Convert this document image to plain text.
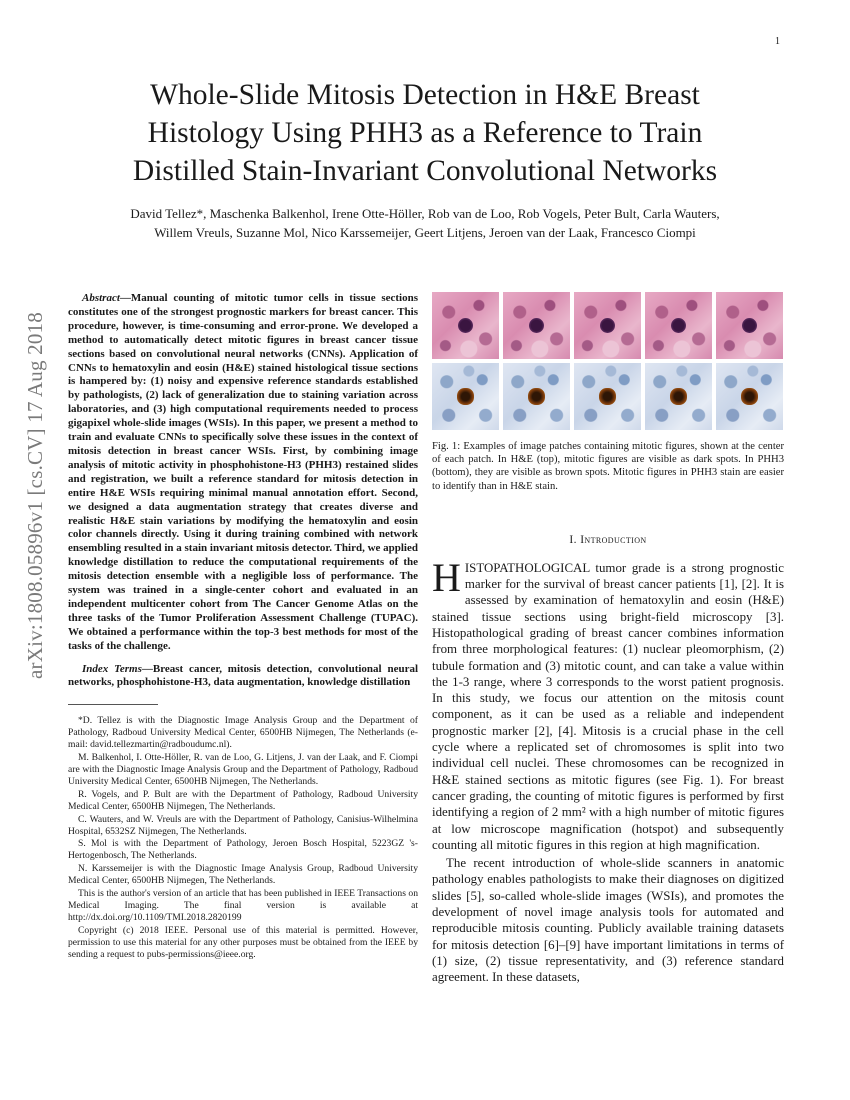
1
arXiv:1808.05896v1 [cs.CV] 17 Aug 2018
Whole-Slide Mitosis Detection in H&E Breast
Histology Using PHH3 as a Reference to Train
Distilled Stain-Invariant Convolutional Networks
David Tellez*, Maschenka Balkenhol, Irene Otte-Höller, Rob van de Loo, Rob Vogels, Peter Bult, Carla Wauters,
Willem Vreuls, Suzanne Mol, Nico Karssemeijer, Geert Litjens, Jeroen van der Laak, Francesco Ciompi

Abstract—Manual counting of mitotic tumor cells in tissue sections constitutes one of the strongest prognostic markers for breast cancer. This procedure, however, is time-consuming and error-prone. We developed a method to automatically detect mitotic figures in breast cancer tissue sections based on convolutional neural networks (CNNs). Application of CNNs to hematoxylin and eosin (H&E) stained histological tissue sections is hampered by: (1) noisy and expensive reference standards established by pathologists, (2) lack of generalization due to staining variation across laboratories, and (3) high computational requirements needed to process gigapixel whole-slide images (WSIs). In this paper, we present a method to train and evaluate CNNs to specifically solve these issues in the context of mitosis detection in breast cancer WSIs. First, by combining image analysis of mitotic activity in phosphohistone-H3 (PHH3) restained slides and registration, we built a reference standard for mitosis detection in entire H&E WSIs requiring minimal manual annotation effort. Second, we designed a data augmentation strategy that creates diverse and realistic H&E stain variations by modifying the hematoxylin and eosin color channels directly. Using it during training combined with network ensembling resulted in a stain invariant mitosis detector. Third, we applied knowledge distillation to reduce the computational requirements of the mitosis detection ensemble with a negligible loss of performance. The system was trained in a single-center cohort and evaluated in an independent multicenter cohort from The Cancer Genome Atlas on the three tasks of the Tumor Proliferation Assessment Challenge (TUPAC). We obtained a performance within the top-3 best methods for most of the tasks of the challenge.

Index Terms—Breast cancer, mitosis detection, convolutional neural networks, phosphohistone-H3, data augmentation, knowledge distillation

*D. Tellez is with the Diagnostic Image Analysis Group and the Department of Pathology, Radboud University Medical Center, 6500HB Nijmegen, The Netherlands (e-mail: david.tellezmartin@radboudumc.nl).

M. Balkenhol, I. Otte-Höller, R. van de Loo, G. Litjens, J. van der Laak, and F. Ciompi are with the Diagnostic Image Analysis Group and the Department of Pathology, Radboud University Medical Center, 6500HB Nijmegen, The Netherlands.

R. Vogels, and P. Bult are with the Department of Pathology, Radboud University Medical Center, 6500HB Nijmegen, The Netherlands.

C. Wauters, and W. Vreuls are with the Department of Pathology, Canisius-Wilhelmina Hospital, 6532SZ Nijmegen, The Netherlands.

S. Mol is with the Department of Pathology, Jeroen Bosch Hospital, 5223GZ 's-Hertogenbosch, The Netherlands.

N. Karssemeijer is with the Diagnostic Image Analysis Group, Radboud University Medical Center, 6500HB Nijmegen, The Netherlands.

This is the author's version of an article that has been published in IEEE Transactions on Medical Imaging. The final version is available at http://dx.doi.org/10.1109/TMI.2018.2820199

Copyright (c) 2018 IEEE. Personal use of this material is permitted. However, permission to use this material for any other purposes must be obtained from the IEEE by sending a request to pubs-permissions@ieee.org.

Fig. 1: Examples of image patches containing mitotic figures, shown at the center of each patch. In H&E (top), mitotic figures are visible as dark spots. In PHH3 (bottom), they are visible as brown spots. Mitotic figures in PHH3 stain are easier to identify than in H&E stain.

I. Introduction

HISTOPATHOLOGICAL tumor grade is a strong prognostic marker for the survival of breast cancer patients [1], [2]. It is assessed by examination of hematoxylin and eosin (H&E) stained tissue sections using bright-field microscopy [3]. Histopathological grading of breast cancer combines information from three morphological features: (1) nuclear pleomorphism, (2) tubule formation and (3) mitotic count, and can take a value within the 1-3 range, where 3 corresponds to the worst patient prognosis. In this study, we focus our attention on the mitosis count component, as it can be used as a reliable and independent prognostic marker [2], [4]. Mitosis is a crucial phase in the cell cycle where a replicated set of chromosomes is split into two individual cell nuclei. These chromosomes can be recognized in H&E stained sections as mitotic figures (see Fig. 1). For breast cancer grading, the counting of mitotic figures is performed by first identifying a region of 2 mm² with a high number of mitotic figures at low microscope magnification (hotspot) and subsequently counting all mitotic figures in this region at high magnification.

The recent introduction of whole-slide scanners in anatomic pathology enables pathologists to make their diagnoses on digitized slides [5], so-called whole-slide images (WSIs), and promotes the development of novel image analysis tools for automated and reproducible mitosis counting. Publicly available training datasets for mitosis detection [6]–[9] have important limitations in terms of (1) size, (2) tissue representativity, and (3) reference standard agreement. In these datasets,
